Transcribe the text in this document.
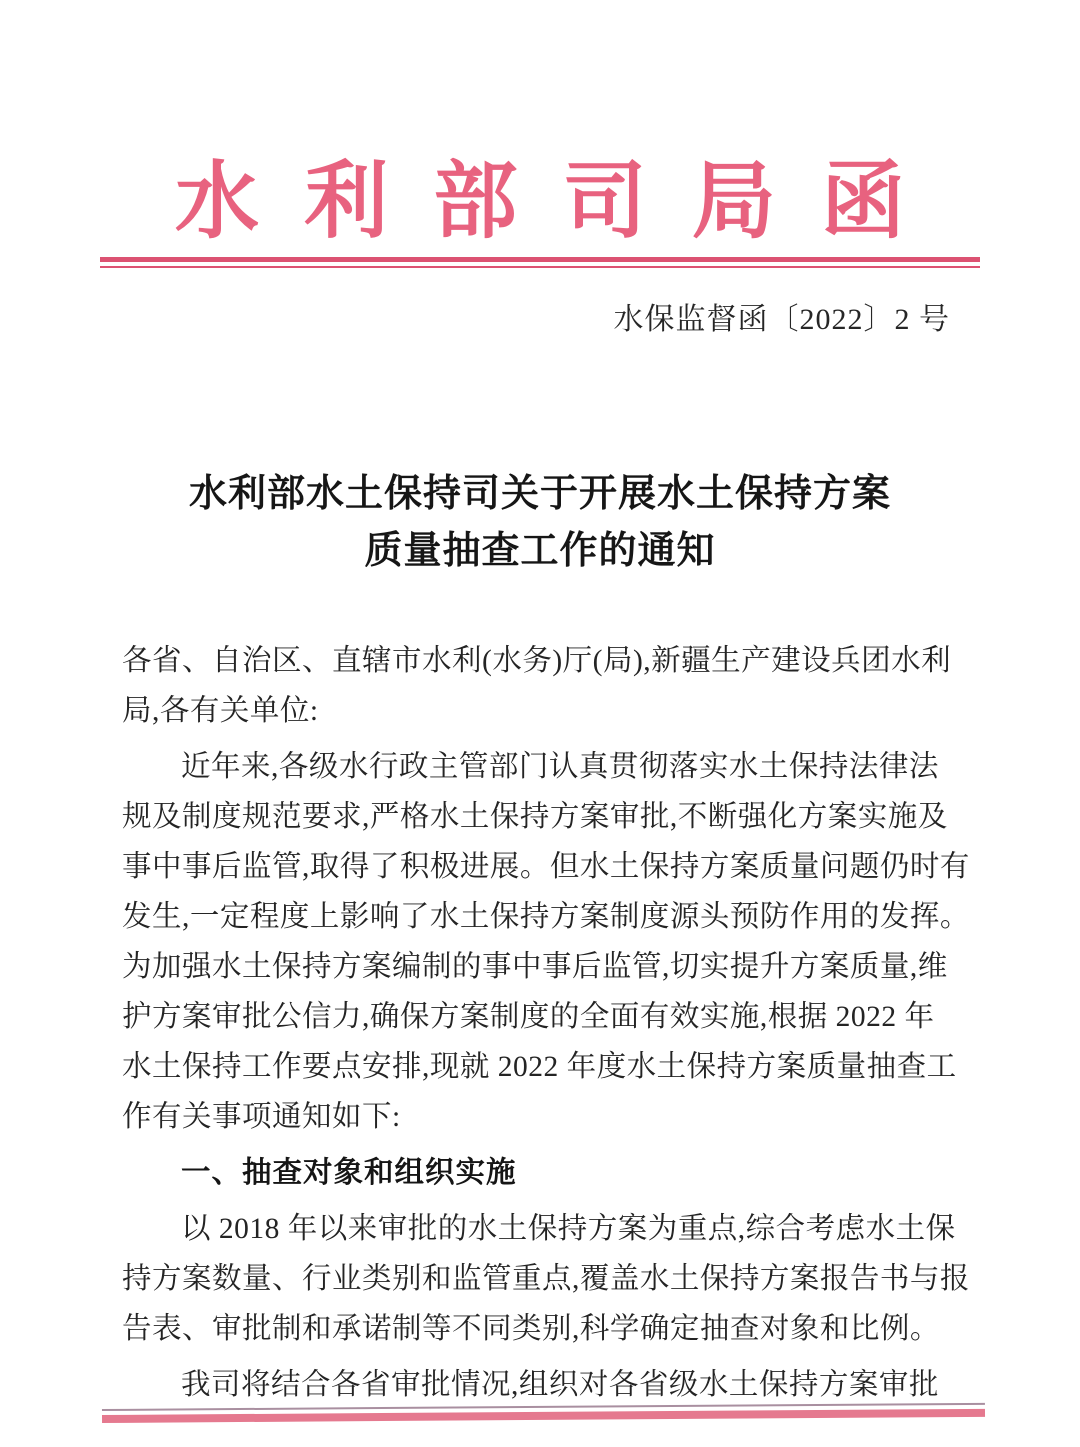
水 利 部 司 局 函
水保监督函〔2022〕2 号
水利部水土保持司关于开展水土保持方案
质量抽查工作的通知
各省、自治区、直辖市水利(水务)厅(局),新疆生产建设兵团水利
局,各有关单位:
近年来,各级水行政主管部门认真贯彻落实水土保持法律法
规及制度规范要求,严格水土保持方案审批,不断强化方案实施及
事中事后监管,取得了积极进展。但水土保持方案质量问题仍时有
发生,一定程度上影响了水土保持方案制度源头预防作用的发挥。
为加强水土保持方案编制的事中事后监管,切实提升方案质量,维
护方案审批公信力,确保方案制度的全面有效实施,根据 2022 年
水土保持工作要点安排,现就 2022 年度水土保持方案质量抽查工
作有关事项通知如下:
一、抽查对象和组织实施
以 2018 年以来审批的水土保持方案为重点,综合考虑水土保
持方案数量、行业类别和监管重点,覆盖水土保持方案报告书与报
告表、审批制和承诺制等不同类别,科学确定抽查对象和比例。
我司将结合各省审批情况,组织对各省级水土保持方案审批
